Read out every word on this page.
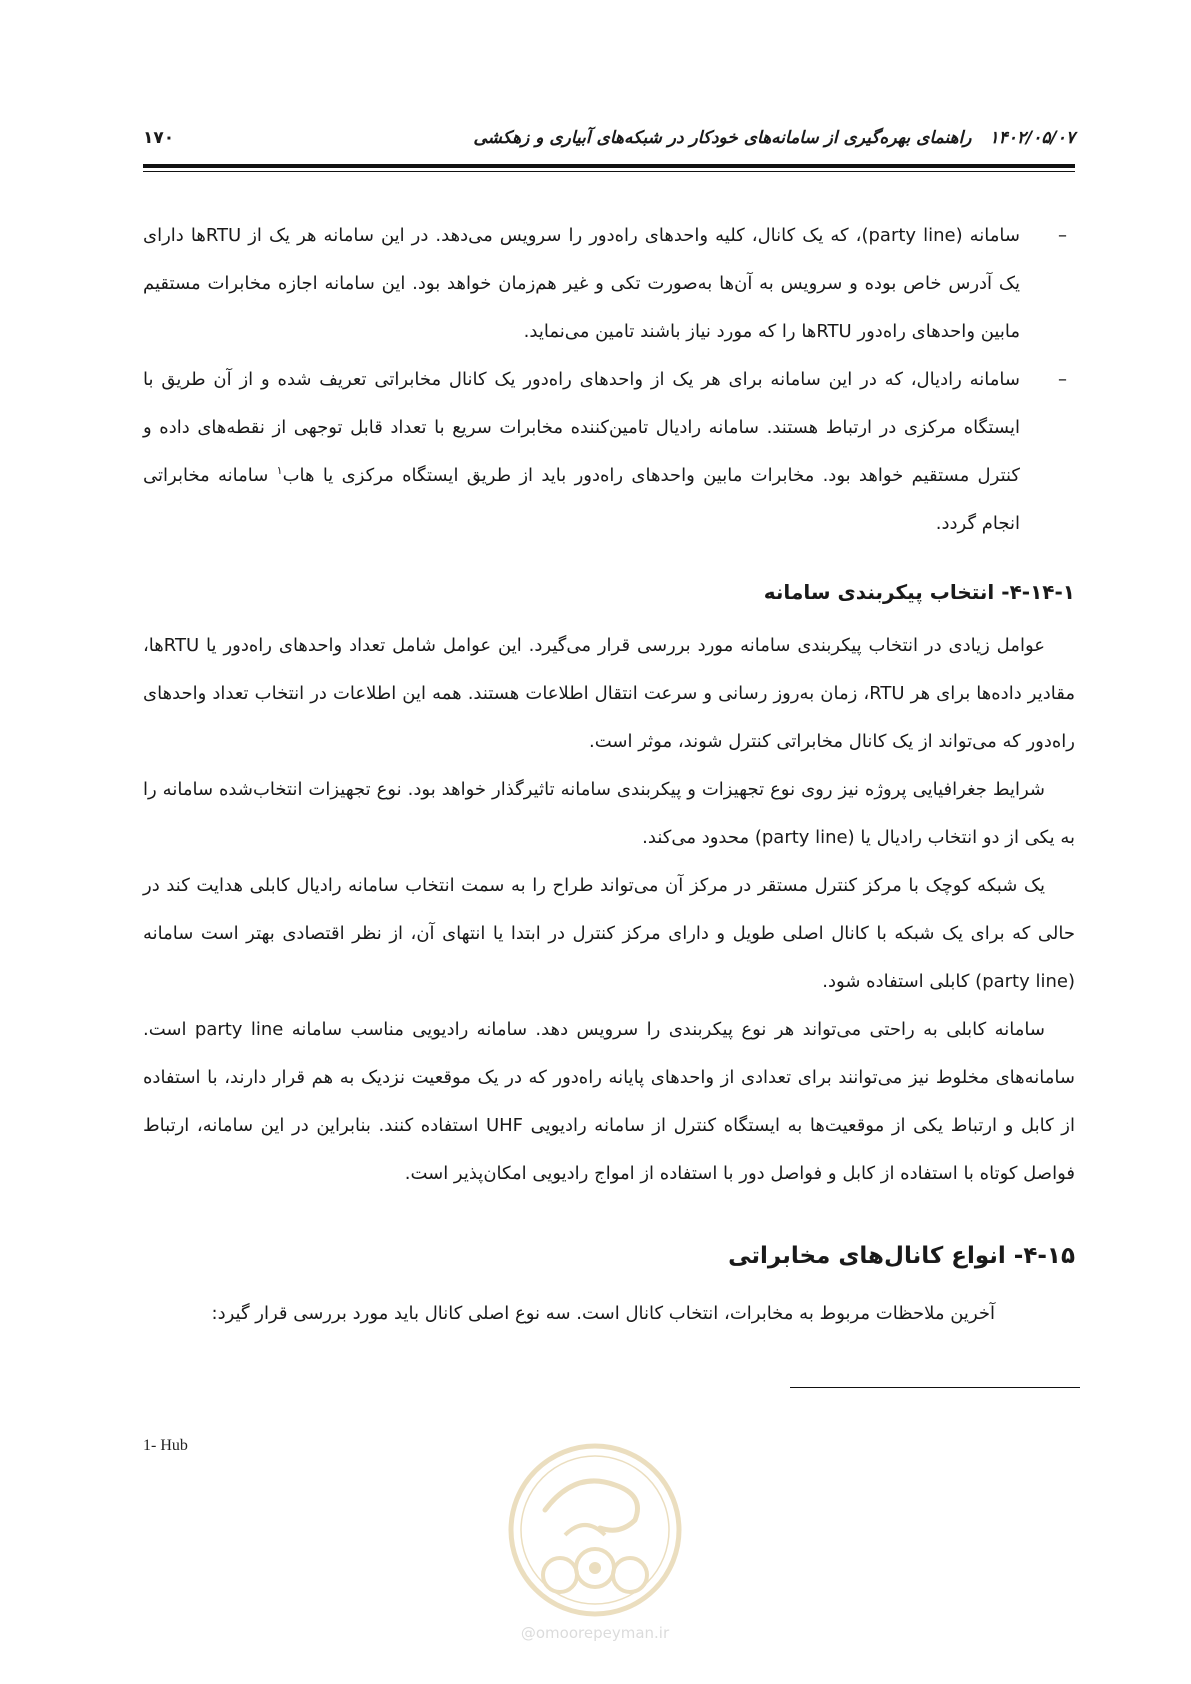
۱۴۰۲/۰۵/۰۷راهنمای بهره‌گیری از سامانه‌های خودکار در شبکه‌های آبیاری و زهکشی
۱۷۰
–
سامانه (party line)، که یک کانال، کلیه واحدهای راه‌دور را سرویس می‌دهد. در این سامانه هر یک از RTUها دارای یک آدرس خاص بوده و سرویس به آن‌ها به‌صورت تکی و غیر هم‌زمان خواهد بود. این سامانه اجازه مخابرات مستقیم مابین واحدهای راه‌دور RTUها را که مورد نیاز باشند تامین می‌نماید.
–
سامانه رادیال، که در این سامانه برای هر یک از واحدهای راه‌دور یک کانال مخابراتی تعریف شده و از آن طریق با ایستگاه مرکزی در ارتباط هستند. سامانه رادیال تامین‌کننده مخابرات سریع با تعداد قابل توجهی از نقطه‌های داده و کنترل مستقیم خواهد بود. مخابرات مابین واحدهای راه‌دور باید از طریق ایستگاه مرکزی یا هاب$^۱$ سامانه مخابراتی انجام گردد.
۴-۱۴-۱- انتخاب پیکربندی سامانه

عوامل زیادی در انتخاب پیکربندی سامانه مورد بررسی قرار می‌گیرد. این عوامل شامل تعداد واحدهای راه‌دور یا RTUها، مقادیر داده‌ها برای هر RTU، زمان به‌روز رسانی و سرعت انتقال اطلاعات هستند. همه این اطلاعات در انتخاب تعداد واحدهای راه‌دور که می‌تواند از یک کانال مخابراتی کنترل شوند، موثر است.

شرایط جغرافیایی پروژه نیز روی نوع تجهیزات و پیکربندی سامانه تاثیرگذار خواهد بود. نوع تجهیزات انتخاب‌شده سامانه را به یکی از دو انتخاب رادیال یا (party line) محدود می‌کند.

یک شبکه کوچک با مرکز کنترل مستقر در مرکز آن می‌تواند طراح را به سمت انتخاب سامانه رادیال کابلی هدایت کند در حالی که برای یک شبکه با کانال اصلی طویل و دارای مرکز کنترل در ابتدا یا انتهای آن، از نظر اقتصادی بهتر است سامانه (party line) کابلی استفاده شود.

سامانه کابلی به راحتی می‌تواند هر نوع پیکربندی را سرویس دهد. سامانه رادیویی مناسب سامانه party line است. سامانه‌های مخلوط نیز می‌توانند برای تعدادی از واحدهای پایانه راه‌دور که در یک موقعیت نزدیک به هم قرار دارند، با استفاده از کابل و ارتباط یکی از موقعیت‌ها به ایستگاه کنترل از سامانه رادیویی UHF استفاده کنند. بنابراین در این سامانه، ارتباط فواصل کوتاه با استفاده از کابل و فواصل دور با استفاده از امواج رادیویی امکان‌پذیر است.

۴-۱۵- انواع کانال‌های مخابراتی

آخرین ملاحظات مربوط به مخابرات، انتخاب کانال است. سه نوع اصلی کانال باید مورد بررسی قرار گیرد:

1- Hub
@omoorepeyman.ir
